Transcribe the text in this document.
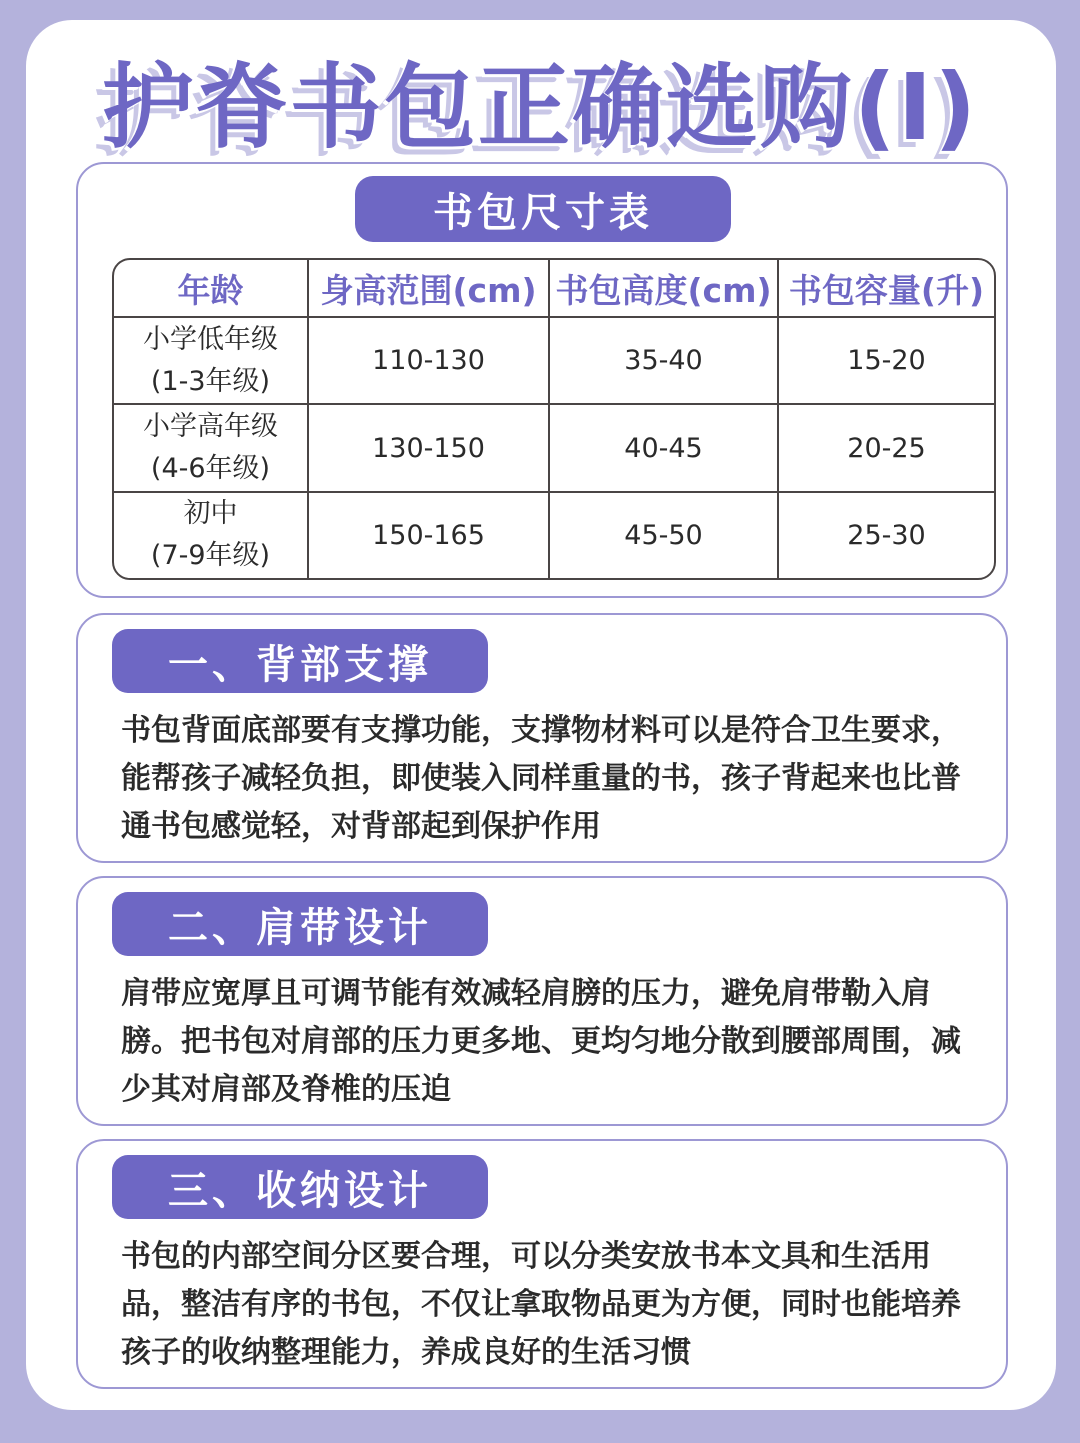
护脊书包正确选购(Ⅰ)
书包尺寸表
年龄	身高范围(cm)	书包高度(cm)	书包容量(升)

小学低年级
(1-3年级)	110-130	35-40	15-20

小学高年级
(4-6年级)	130-150	40-45	20-25

初中
(7-9年级)	150-165	45-50	25-30
一、背部支撑
书包背面底部要有支撑功能，支撑物材料可以是符合卫生要求，能帮孩子减轻负担，即使装入同样重量的书，孩子背起来也比普通书包感觉轻，对背部起到保护作用
二、肩带设计
肩带应宽厚且可调节能有效减轻肩膀的压力，避免肩带勒入肩膀。把书包对肩部的压力更多地、更均匀地分散到腰部周围，减少其对肩部及脊椎的压迫
三、收纳设计
书包的内部空间分区要合理，可以分类安放书本文具和生活用品，整洁有序的书包，不仅让拿取物品更为方便，同时也能培养孩子的收纳整理能力，养成良好的生活习惯
